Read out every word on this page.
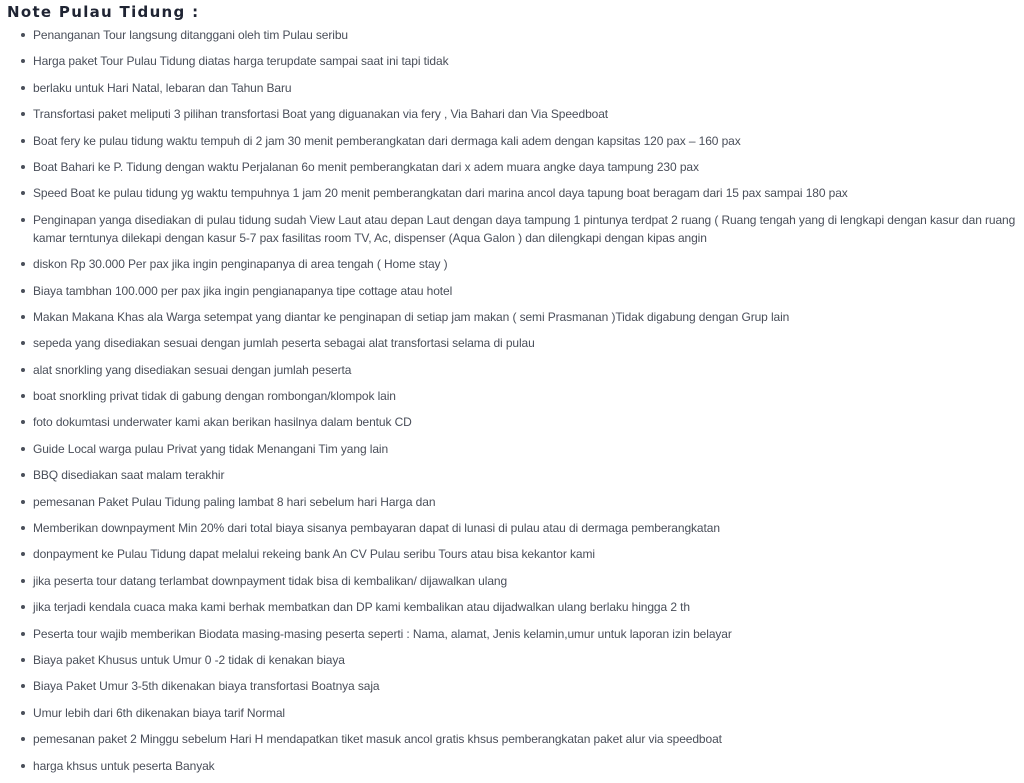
Note Pulau Tidung :
Penanganan Tour langsung ditanggani oleh tim Pulau seribu
Harga paket Tour Pulau Tidung diatas harga terupdate sampai saat ini tapi tidak
berlaku untuk Hari Natal, lebaran dan Tahun Baru
Transfortasi paket meliputi 3 pilihan transfortasi Boat yang diguanakan via fery , Via Bahari dan Via Speedboat
Boat fery ke pulau tidung waktu tempuh di 2 jam 30 menit pemberangkatan dari dermaga kali adem dengan kapsitas 120 pax – 160 pax
Boat Bahari ke P. Tidung dengan waktu Perjalanan 6o menit pemberangkatan dari x adem muara angke daya tampung 230 pax
Speed Boat ke pulau tidung yg waktu tempuhnya 1 jam 20 menit pemberangkatan dari marina ancol daya tapung boat beragam dari 15 pax sampai 180 pax
Penginapan yanga disediakan di pulau tidung sudah View Laut atau depan Laut dengan daya tampung 1 pintunya terdpat 2 ruang ( Ruang tengah yang di lengkapi dengan kasur dan ruang kamar terntunya dilekapi dengan kasur 5-7 pax fasilitas room TV, Ac, dispenser (Aqua Galon ) dan dilengkapi dengan kipas angin
diskon Rp 30.000 Per pax jika ingin penginapanya di area tengah ( Home stay )
Biaya tambhan 100.000 per pax jika ingin pengianapanya tipe cottage atau hotel
Makan Makana Khas ala Warga setempat yang diantar ke penginapan di setiap jam makan ( semi Prasmanan )Tidak digabung dengan Grup lain
sepeda yang disediakan sesuai dengan jumlah peserta sebagai alat transfortasi selama di pulau
alat snorkling yang disediakan sesuai dengan jumlah peserta
boat snorkling privat tidak di gabung dengan rombongan/klompok lain
foto dokumtasi underwater kami akan berikan hasilnya dalam bentuk CD
Guide Local warga pulau Privat yang tidak Menangani Tim yang lain
BBQ disediakan saat malam terakhir
pemesanan Paket Pulau Tidung paling lambat 8 hari sebelum hari Harga dan
Memberikan downpayment Min 20% dari total biaya sisanya pembayaran dapat di lunasi di pulau atau di dermaga pemberangkatan
donpayment ke Pulau Tidung dapat melalui rekeing bank An CV Pulau seribu Tours atau bisa kekantor kami
jika peserta tour datang terlambat downpayment tidak bisa di kembalikan/ dijawalkan ulang
jika terjadi kendala cuaca maka kami berhak membatkan dan DP kami kembalikan atau dijadwalkan ulang berlaku hingga 2 th
Peserta tour wajib memberikan Biodata masing-masing peserta seperti : Nama, alamat, Jenis kelamin,umur untuk laporan izin belayar
Biaya paket Khusus untuk Umur 0 -2 tidak di kenakan biaya
Biaya Paket Umur 3-5th dikenakan biaya transfortasi Boatnya saja
Umur lebih dari 6th dikenakan biaya tarif Normal
pemesanan paket 2 Minggu sebelum Hari H mendapatkan tiket masuk ancol gratis khsus pemberangkatan paket alur via speedboat
harga khsus untuk peserta Banyak
